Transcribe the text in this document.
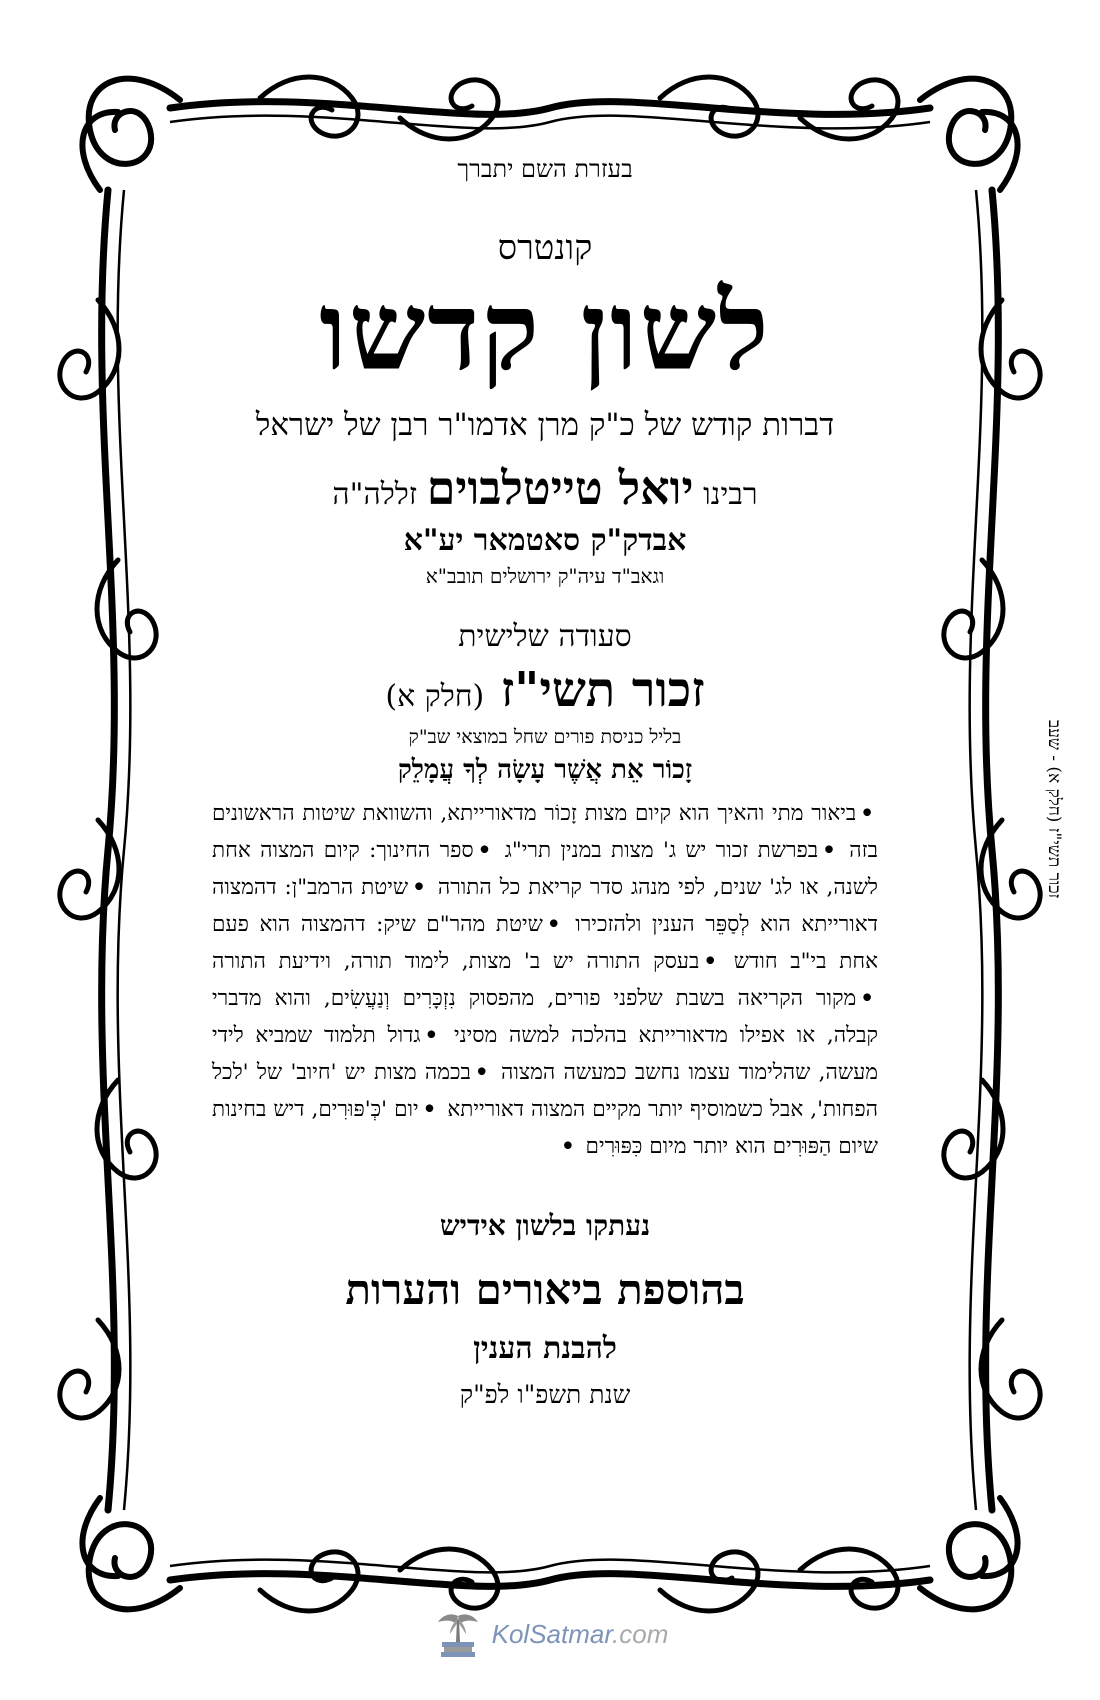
בעזרת השם יתברך
קונטרס
לשון קדשו
דברות קודש של כ"ק מרן אדמו"ר רבן של ישראל
רבינו יואל טייטלבוים זללה"ה
אבדק"ק סאטמאר יע"א
וגאב"ד עיה"ק ירושלים תובב"א
סעודה שלישית
זכור תשי"ז (חלק א)
בליל כניסת פורים שחל במוצאי שב"ק
זָכוֹר אֵת אֲשֶׁר עָשָׂה לְךָ עֲמָלֵק
•ביאור מתי והאיך הוא קיום מצות זָכוֹר מדאורייתא, והשוואת שיטות הראשונים בזה •בפרשת זכור יש ג' מצות במנין תרי"ג •ספר החינוך: קיום המצוה אחת לשנה, או לג' שנים, לפי מנהג סדר קריאת כל התורה •שיטת הרמב"ן: דהמצוה דאורייתא הוא לְסַפֵּר הענין ולהזכירו •שיטת מהר"ם שיק: דהמצוה הוא פעם אחת בי"ב חודש •בעסק התורה יש ב' מצות, לימוד תורה, וידיעת התורה •מקור הקריאה בשבת שלפני פורים, מהפסוק נִזְכָּרִים וְנַעֲשִׂים, והוא מדברי קבלה, או אפילו מדאורייתא בהלכה למשה מסיני •גדול תלמוד שמביא לידי מעשה, שהלימוד עצמו נחשב כמעשה המצוה •בכמה מצות יש 'חיוב' של 'לכל הפחות', אבל כשמוסיף יותר מקיים המצוה דאורייתא •יום 'כְּ'פּוּרִים, דיש בחינות שיום הַפּוּרִים הוא יותר מיום כִּפּוּרִים •
נעתקו בלשון אידיש
בהוספת ביאורים והערות
להבנת הענין
שנת תשפ"ו לפ"ק
זכור תשי"ז (חלק א) - שעב
KolSatmar.com
